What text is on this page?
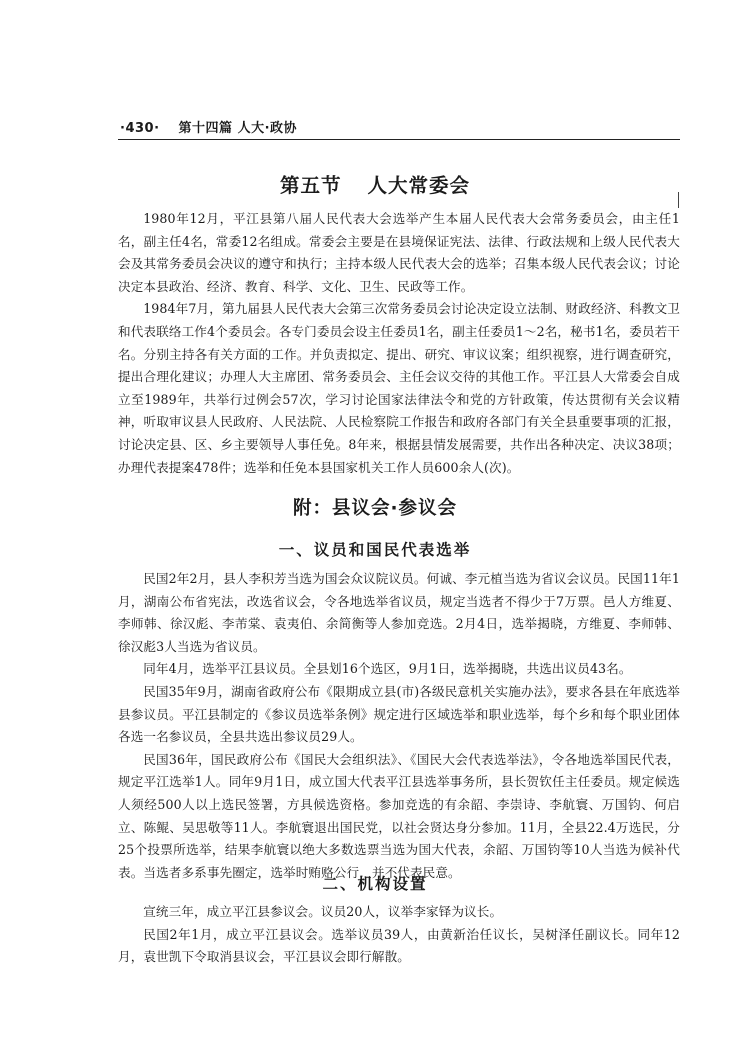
·430· 第十四篇 人大·政协
第五节 人大常委会

1980年12月，平江县第八届人民代表大会选举产生本届人民代表大会常务委员会，由主任1名，副主任4名，常委12名组成。常委会主要是在县境保证宪法、法律、行政法规和上级人民代表大会及其常务委员会决议的遵守和执行；主持本级人民代表大会的选举；召集本级人民代表会议；讨论决定本县政治、经济、教育、科学、文化、卫生、民政等工作。

1984年7月，第九届县人民代表大会第三次常务委员会讨论决定设立法制、财政经济、科教文卫和代表联络工作4个委员会。各专门委员会设主任委员1名，副主任委员1～2名，秘书1名，委员若干名。分别主持各有关方面的工作。并负责拟定、提出、研究、审议议案；组织视察，进行调查研究，提出合理化建议；办理人大主席团、常务委员会、主任会议交待的其他工作。平江县人大常委会自成立至1989年，共举行过例会57次，学习讨论国家法律法令和党的方针政策，传达贯彻有关会议精神，听取审议县人民政府、人民法院、人民检察院工作报告和政府各部门有关全县重要事项的汇报，讨论决定县、区、乡主要领导人事任免。8年来，根据县情发展需要，共作出各种决定、决议38项；办理代表提案478件；选举和任免本县国家机关工作人员600余人(次)。

附：县议会·参议会
一、议员和国民代表选举

民国2年2月，县人李积芳当选为国会众议院议员。何诚、李元植当选为省议会议员。民国11年1月，湖南公布省宪法，改选省议会，令各地选举省议员，规定当选者不得少于7万票。邑人方维夏、李师韩、徐汉彪、李芾棠、袁夷伯、余简衡等人参加竞选。2月4日，选举揭晓，方维夏、李师韩、徐汉彪3人当选为省议员。

同年4月，选举平江县议员。全县划16个选区，9月1日，选举揭晓，共选出议员43名。

民国35年9月，湖南省政府公布《限期成立县(市)各级民意机关实施办法》，要求各县在年底选举县参议员。平江县制定的《参议员选举条例》规定进行区域选举和职业选举，每个乡和每个职业团体各选一名参议员，全县共选出参议员29人。

民国36年，国民政府公布《国民大会组织法》、《国民大会代表选举法》，令各地选举国民代表，规定平江选举1人。同年9月1日，成立国大代表平江县选举事务所，县长贺钦任主任委员。规定候选人须经500人以上选民签署，方具候选资格。参加竞选的有余韶、李崇诗、李航寰、万国钧、何启立、陈鲲、吴思敬等11人。李航寰退出国民党，以社会贤达身分参加。11月，全县22.4万选民，分25个投票所选举，结果李航寰以绝大多数选票当选为国大代表，余韶、万国钧等10人当选为候补代表。当选者多系事先圈定，选举时贿赂公行，并不代表民意。

二、机构设置

宣统三年，成立平江县参议会。议员20人，议举李家铎为议长。

民国2年1月，成立平江县议会。选举议员39人，由黄新治任议长，吴树泽任副议长。同年12月，袁世凯下令取消县议会，平江县议会即行解散。
